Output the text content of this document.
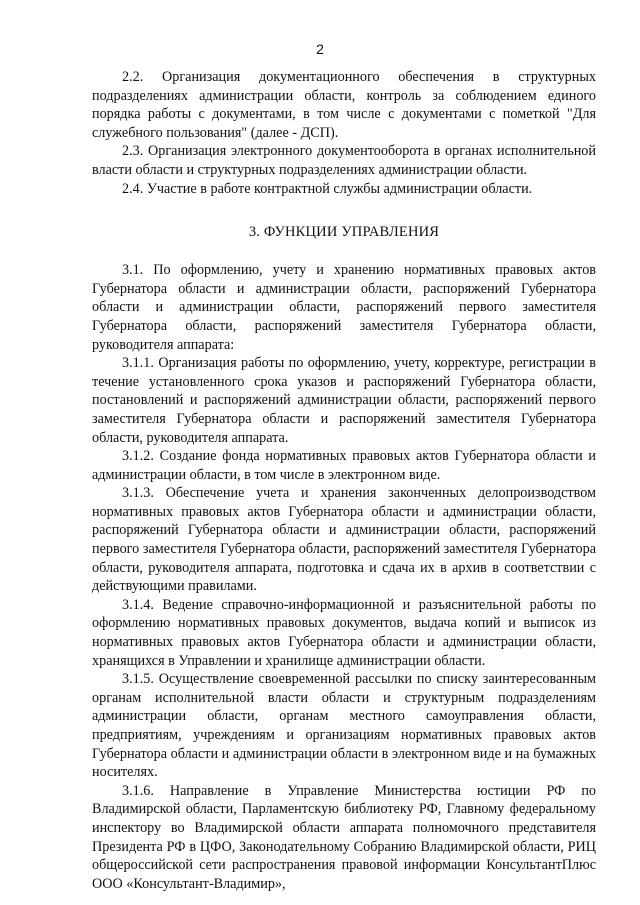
2

2.2. Организация документационного обеспечения в структурных подразделениях администрации области, контроль за соблюдением единого порядка работы с документами, в том числе с документами с пометкой "Для служебного пользования" (далее - ДСП).

2.3. Организация электронного документооборота в органах исполнительной власти области и структурных подразделениях администрации области.

2.4. Участие в работе контрактной службы администрации области.

3. ФУНКЦИИ УПРАВЛЕНИЯ

3.1. По оформлению, учету и хранению нормативных правовых актов Губернатора области и администрации области, распоряжений Губернатора области и администрации области, распоряжений первого заместителя Губернатора области, распоряжений заместителя Губернатора области, руководителя аппарата:

3.1.1. Организация работы по оформлению, учету, корректуре, регистрации в течение установленного срока указов и распоряжений Губернатора области, постановлений и распоряжений администрации области, распоряжений первого заместителя Губернатора области и распоряжений заместителя Губернатора области, руководителя аппарата.

3.1.2. Создание фонда нормативных правовых актов Губернатора области и администрации области, в том числе в электронном виде.

3.1.3. Обеспечение учета и хранения законченных делопроизводством нормативных правовых актов Губернатора области и администрации области, распоряжений Губернатора области и администрации области, распоряжений первого заместителя Губернатора области, распоряжений заместителя Губернатора области, руководителя аппарата, подготовка и сдача их в архив в соответствии с действующими правилами.

3.1.4. Ведение справочно-информационной и разъяснительной работы по оформлению нормативных правовых документов, выдача копий и выписок из нормативных правовых актов Губернатора области и администрации области, хранящихся в Управлении и хранилище администрации области.

3.1.5. Осуществление своевременной рассылки по списку заинтересованным органам исполнительной власти области и структурным подразделениям администрации области, органам местного самоуправления области, предприятиям, учреждениям и организациям нормативных правовых актов Губернатора области и администрации области в электронном виде и на бумажных носителях.

3.1.6. Направление в Управление Министерства юстиции РФ по Владимирской области, Парламентскую библиотеку РФ, Главному федеральному инспектору во Владимирской области аппарата полномочного представителя Президента РФ в ЦФО, Законодательному Собранию Владимирской области, РИЦ общероссийской сети распространения правовой информации КонсультантПлюс ООО «Консультант-Владимир»,
